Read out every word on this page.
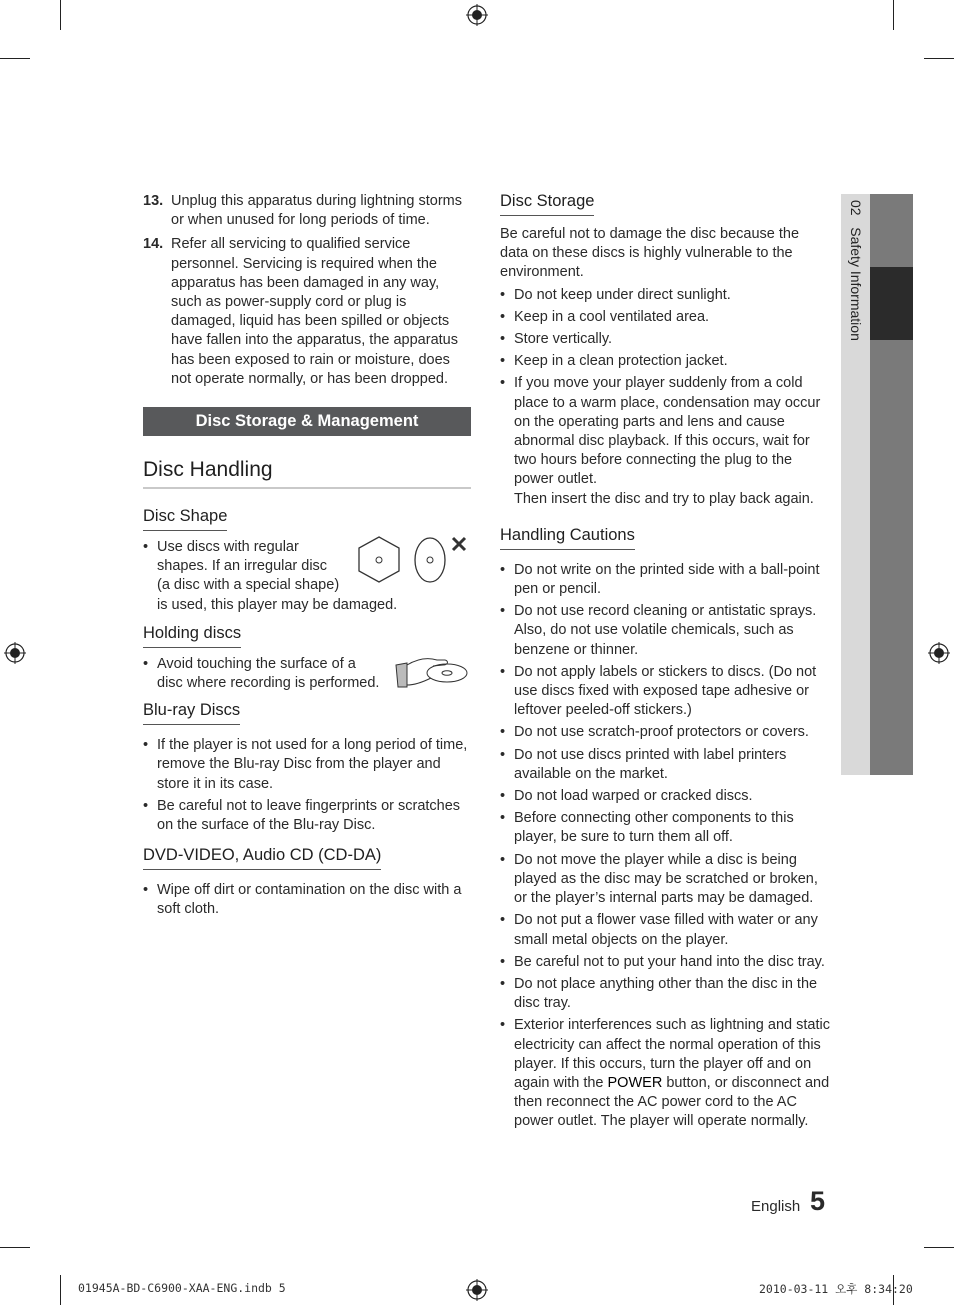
13. Unplug this apparatus during lightning storms or when unused for long periods of time.
14. Refer all servicing to qualified service personnel. Servicing is required when the apparatus has been damaged in any way, such as power-supply cord or plug is damaged, liquid has been spilled or objects have fallen into the apparatus, the apparatus has been exposed to rain or moisture, does not operate normally, or has been dropped.
Disc Storage & Management
Disc Handling
Disc Shape
• Use discs with regular
shapes. If an irregular disc
(a disc with a special shape)
is used, this player may be damaged.
Holding discs
• Avoid touching the surface of a
disc where recording is performed.
Blu-ray Discs
• If the player is not used for a long period of time, remove the Blu-ray Disc from the player and store it in its case.
• Be careful not to leave fingerprints or scratches on the surface of the Blu-ray Disc.
DVD-VIDEO, Audio CD (CD-DA)
• Wipe off dirt or contamination on the disc with a soft cloth.
Disc Storage

Be careful not to damage the disc because the data on these discs is highly vulnerable to the environment.

• Do not keep under direct sunlight.
• Keep in a cool ventilated area.
• Store vertically.
• Keep in a clean protection jacket.
• If you move your player suddenly from a cold place to a warm place, condensation may occur on the operating parts and lens and cause abnormal disc playback. If this occurs, wait for two hours before connecting the plug to the power outlet.
Then insert the disc and try to play back again.
Handling Cautions
• Do not write on the printed side with a ball-point pen or pencil.
• Do not use record cleaning or antistatic sprays. Also, do not use volatile chemicals, such as benzene or thinner.
• Do not apply labels or stickers to discs. (Do not use discs fixed with exposed tape adhesive or leftover peeled-off stickers.)
• Do not use scratch-proof protectors or covers.
• Do not use discs printed with label printers available on the market.
• Do not load warped or cracked discs.
• Before connecting other components to this player, be sure to turn them all off.
• Do not move the player while a disc is being played as the disc may be scratched or broken, or the player’s internal parts may be damaged.
• Do not put a flower vase filled with water or any small metal objects on the player.
• Be careful not to put your hand into the disc tray.
• Do not place anything other than the disc in the disc tray.
• Exterior interferences such as lightning and static electricity can affect the normal operation of this player. If this occurs, turn the player off and on again with the POWER button, or disconnect and then reconnect the AC power cord to the AC power outlet. The player will operate normally.
02   Safety Information
English 5
01945A-BD-C6900-XAA-ENG.indb 5	2010-03-11 오후 8:34:20
